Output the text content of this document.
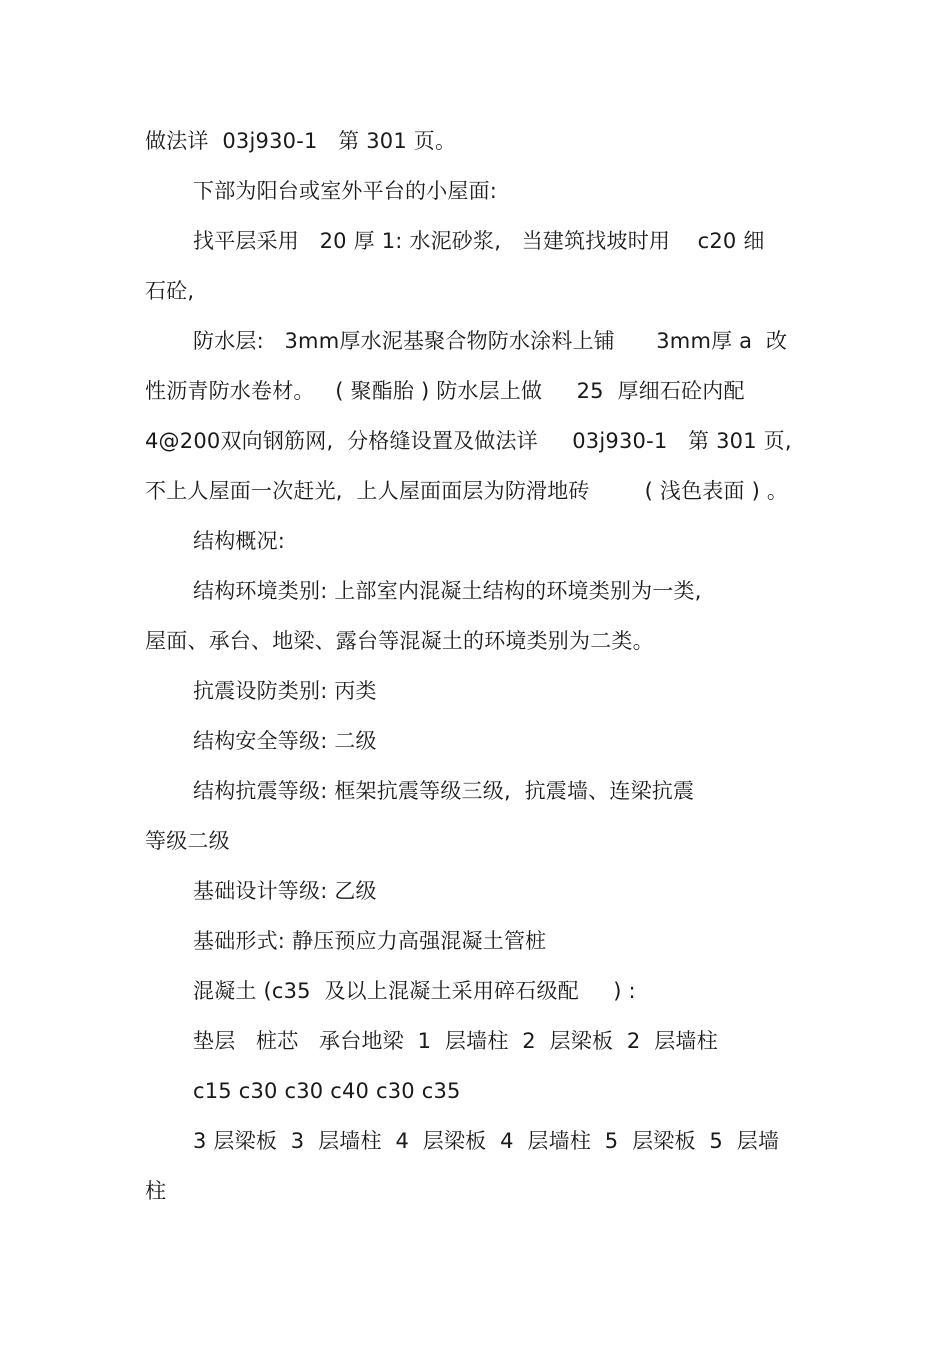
做法详  03j930-1   第 301 页。
下部为阳台或室外平台的小屋面:
找平层采用   20 厚 1: 水泥砂浆,   当建筑找坡时用    c20 细
石砼,
防水层:   3mm厚水泥基聚合物防水涂料上铺      3mm厚 a  改
性沥青防水卷材。   ( 聚酯胎 ) 防水层上做     25  厚细石砼内配
4@200双向钢筋网,  分格缝设置及做法详     03j930-1   第 301 页,
不上人屋面一次赶光,  上人屋面面层为防滑地砖        ( 浅色表面 ) 。
结构概况:
结构环境类别: 上部室内混凝土结构的环境类别为一类,
屋面、承台、地梁、露台等混凝土的环境类别为二类。
抗震设防类别: 丙类
结构安全等级: 二级
结构抗震等级: 框架抗震等级三级,  抗震墙、连梁抗震
等级二级
基础设计等级: 乙级
基础形式: 静压预应力高强混凝土管桩
混凝土 (c35  及以上混凝土采用碎石级配     ) :
垫层   桩芯   承台地梁  1  层墙柱  2  层梁板  2  层墙柱
c15 c30 c30 c40 c30 c35
3 层梁板  3  层墙柱  4  层梁板  4  层墙柱  5  层梁板  5  层墙
柱
